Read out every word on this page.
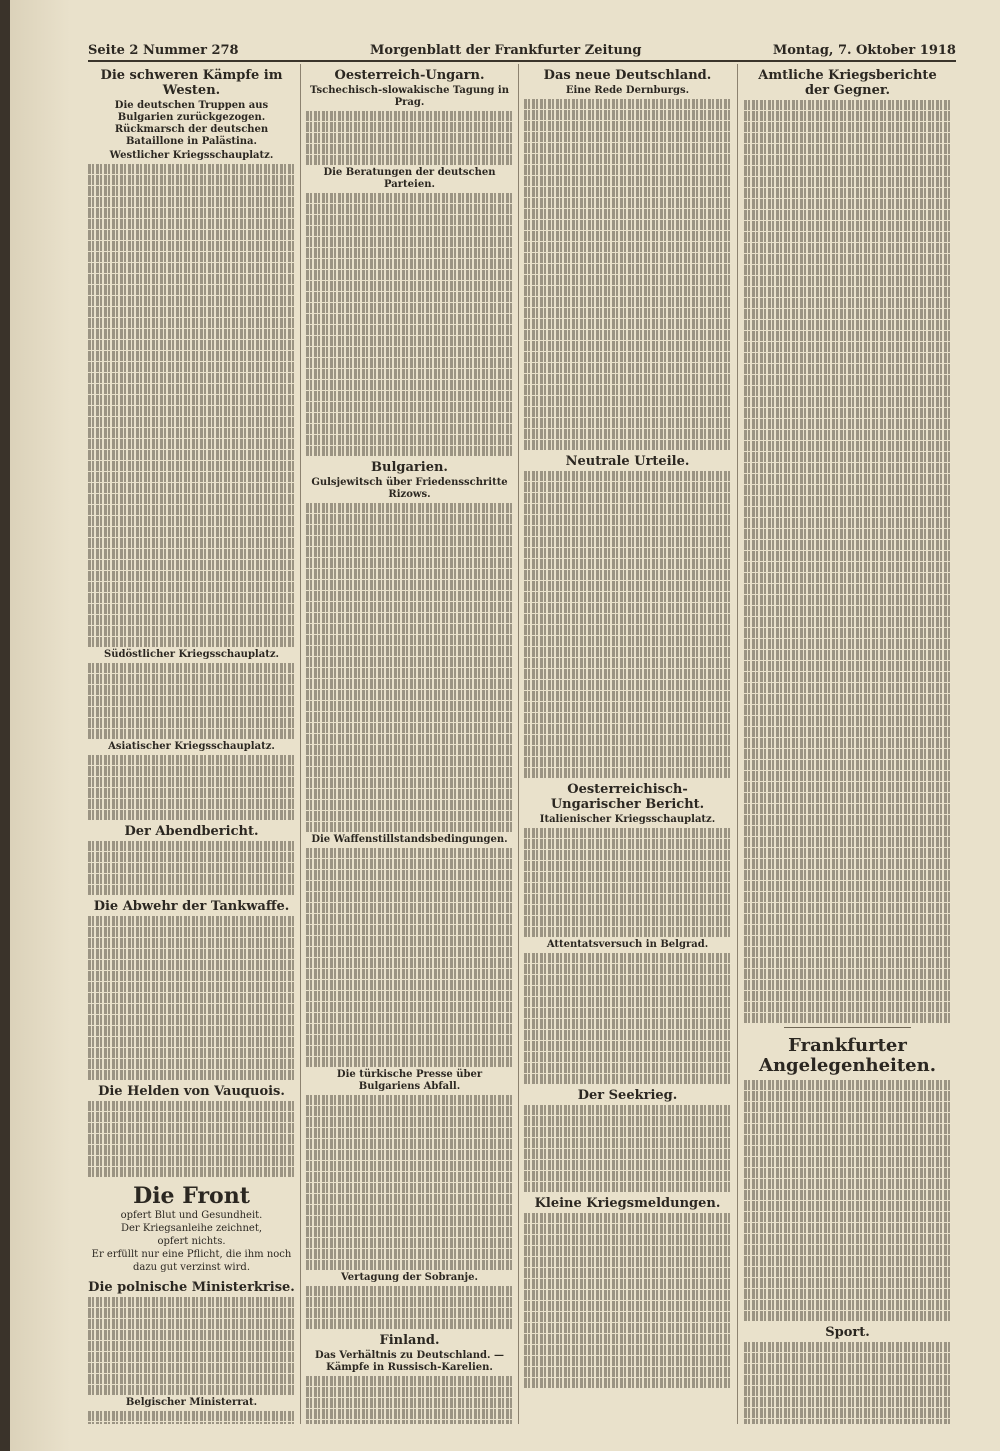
Seite 2 Nummer 278	Morgenblatt der Frankfurter Zeitung	Montag, 7. Oktober 1918
Die schweren Kämpfe im Westen.
Die deutschen Truppen aus Bulgarien zurückgezogen. Rückmarsch der deutschen Bataillone in Palästina.
Westlicher Kriegsschauplatz.
Südöstlicher Kriegsschauplatz.
Asiatischer Kriegsschauplatz.
Der Abendbericht.
Die Abwehr der Tankwaffe.
Die Helden von Vauquois.
Die Front
opfert Blut und Gesundheit.
Der Kriegsanleihe zeichnet,
opfert nichts.
Er erfüllt nur eine Pflicht, die ihm noch
dazu gut verzinst wird.
Die polnische Ministerkrise.
Belgischer Ministerrat.
Oesterreich-Ungarn.
Tschechisch-slowakische Tagung in Prag.
Die Beratungen der deutschen Parteien.
Bulgarien.
Gulsjewitsch über Friedensschritte Rizows.
Die Waffenstillstandsbedingungen.
Die türkische Presse über Bulgariens Abfall.
Vertagung der Sobranje.
Finland.
Das Verhältnis zu Deutschland. — Kämpfe in Russisch-Karelien.
Das neue Deutschland.
Eine Rede Dernburgs.
Neutrale Urteile.
Oesterreichisch-Ungarischer Bericht.
Italienischer Kriegsschauplatz.
Attentatsversuch in Belgrad.
Der Seekrieg.
Kleine Kriegsmeldungen.
Amtliche Kriegsberichte der Gegner.
Frankfurter Angelegenheiten.
Sport.
